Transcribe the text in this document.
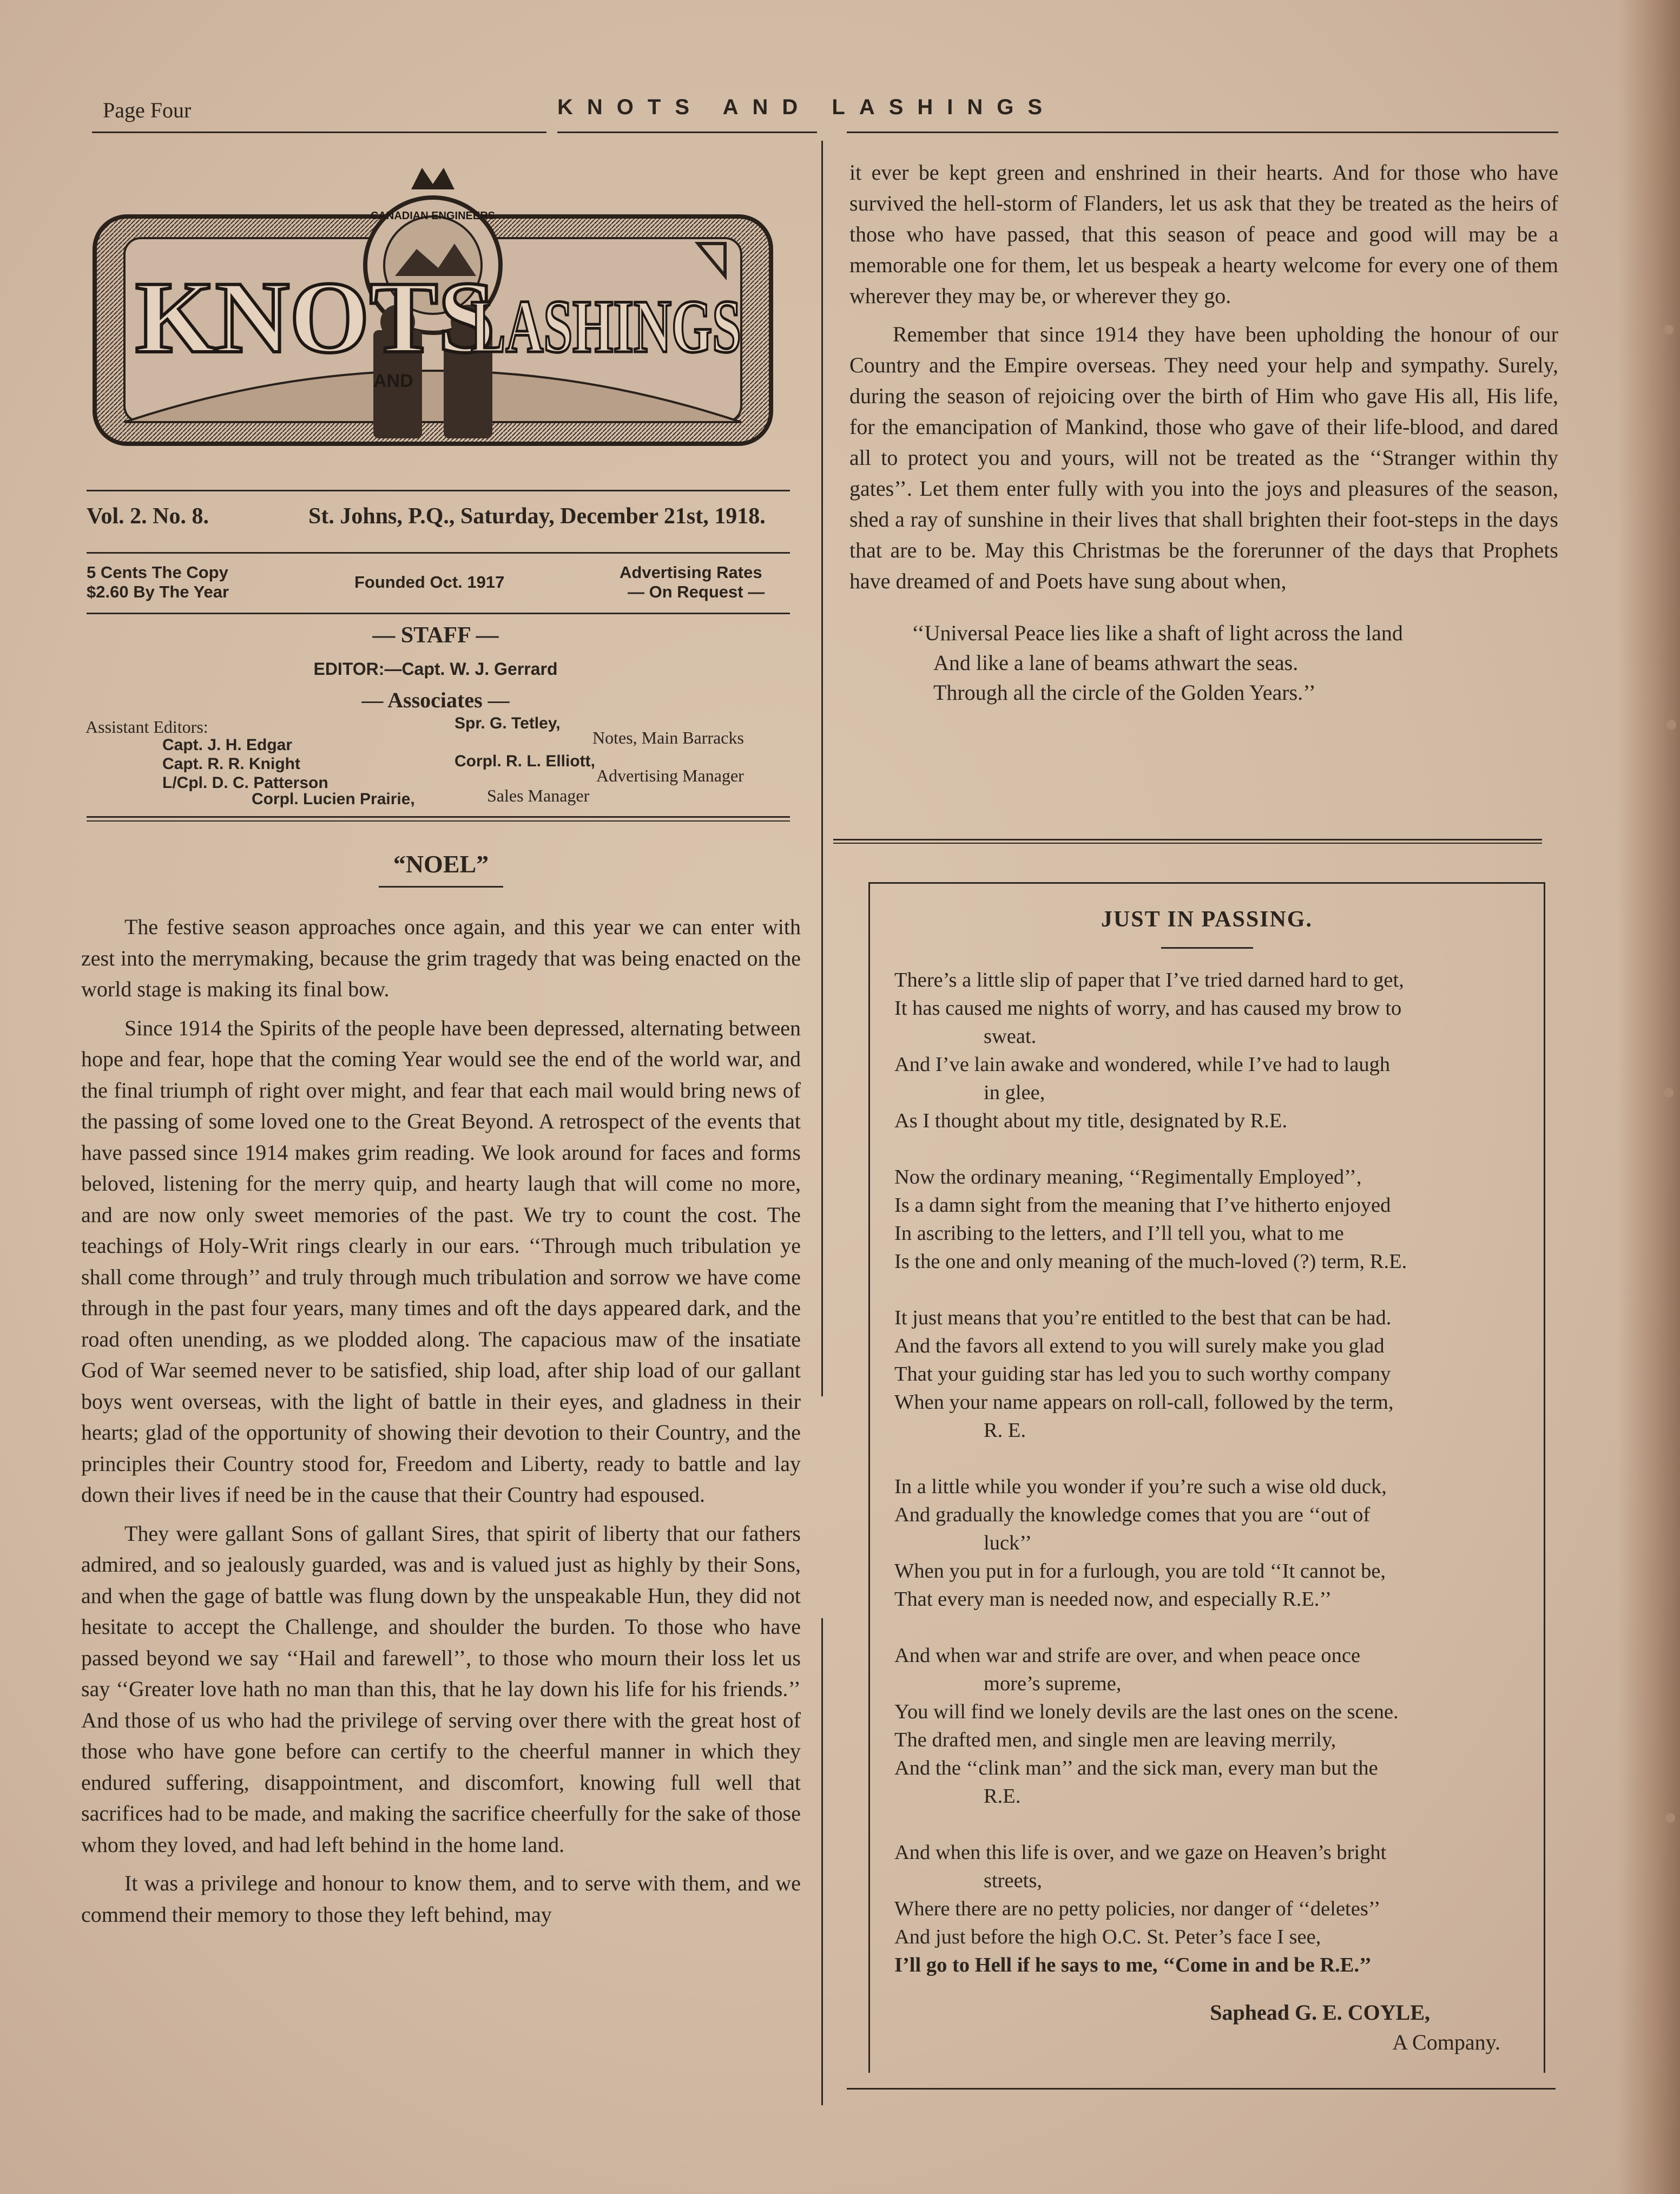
Page Four	KNOTS AND LASHINGS
KNOTS
AND
LASHINGS
CANADIAN ENGINEERS
Vol. 2. No. 8.	St. Johns, P.Q., Saturday, December 21st, 1918.
5 Cents The Copy
$2.60 By The Year
Founded Oct. 1917
Advertising Rates
— On Request —
— STAFF —
EDITOR:—Capt. W. J. Gerrard
— Associates —
Assistant Editors:
Capt. J. H. Edgar
Capt. R. R. Knight
L/Cpl. D. C. Patterson
Spr. G. Tetley,
Notes, Main Barracks
Corpl. R. L. Elliott,
Advertising Manager
Corpl. Lucien Prairie,	Sales Manager
“NOEL”

The festive season approaches once again, and this year we can enter with zest into the merrymaking, because the grim tragedy that was being enacted on the world stage is making its final bow.

Since 1914 the Spirits of the people have been depressed, alternating between hope and fear, hope that the coming Year would see the end of the world war, and the final triumph of right over might, and fear that each mail would bring news of the passing of some loved one to the Great Beyond. A retrospect of the events that have passed since 1914 makes grim reading. We look around for faces and forms beloved, listening for the merry quip, and hearty laugh that will come no more, and are now only sweet memories of the past. We try to count the cost. The teachings of Holy-Writ rings clearly in our ears. ‘‘Through much tribulation ye shall come through’’ and truly through much tribulation and sorrow we have come through in the past four years, many times and oft the days appeared dark, and the road often unending, as we plodded along. The capacious maw of the insatiate God of War seemed never to be satisfied, ship load, after ship load of our gallant boys went overseas, with the light of battle in their eyes, and gladness in their hearts; glad of the opportunity of showing their devotion to their Country, and the principles their Country stood for, Freedom and Liberty, ready to battle and lay down their lives if need be in the cause that their Country had espoused.

They were gallant Sons of gallant Sires, that spirit of liberty that our fathers admired, and so jealously guarded, was and is valued just as highly by their Sons, and when the gage of battle was flung down by the unspeakable Hun, they did not hesitate to accept the Challenge, and shoulder the burden. To those who have passed beyond we say ‘‘Hail and farewell’’, to those who mourn their loss let us say ‘‘Greater love hath no man than this, that he lay down his life for his friends.’’ And those of us who had the privilege of serving over there with the great host of those who have gone before can certify to the cheerful manner in which they endured suffering, disappointment, and discomfort, knowing full well that sacrifices had to be made, and making the sacrifice cheerfully for the sake of those whom they loved, and had left behind in the home land.

It was a privilege and honour to know them, and to serve with them, and we commend their memory to those they left behind, may

it ever be kept green and enshrined in their hearts. And for those who have survived the hell-storm of Flanders, let us ask that they be treated as the heirs of those who have passed, that this season of peace and good will may be a memorable one for them, let us bespeak a hearty welcome for every one of them wherever they may be, or wherever they go.

Remember that since 1914 they have been upholding the honour of our Country and the Empire overseas. They need your help and sympathy. Surely, during the season of rejoicing over the birth of Him who gave His all, His life, for the emancipation of Mankind, those who gave of their life-blood, and dared all to protect you and yours, will not be treated as the ‘‘Stranger within thy gates’’. Let them enter fully with you into the joys and pleasures of the season, shed a ray of sunshine in their lives that shall brighten their foot-steps in the days that are to be. May this Christmas be the forerunner of the days that Prophets have dreamed of and Poets have sung about when,

‘‘Universal Peace lies like a shaft of light across the land
And like a lane of beams athwart the seas.
Through all the circle of the Golden Years.’’
JUST IN PASSING.
There’s a little slip of paper that I’ve tried darned hard to get,
It has caused me nights of worry, and has caused my brow to
sweat.
And I’ve lain awake and wondered, while I’ve had to laugh
in glee,
As I thought about my title, designated by R.E.
Now the ordinary meaning, ‘‘Regimentally Employed’’,
Is a damn sight from the meaning that I’ve hitherto enjoyed
In ascribing to the letters, and I’ll tell you, what to me
Is the one and only meaning of the much-loved (?) term, R.E.
It just means that you’re entitled to the best that can be had.
And the favors all extend to you will surely make you glad
That your guiding star has led you to such worthy company
When your name appears on roll-call, followed by the term,
R. E.
In a little while you wonder if you’re such a wise old duck,
And gradually the knowledge comes that you are ‘‘out of
luck’’
When you put in for a furlough, you are told ‘‘It cannot be,
That every man is needed now, and especially R.E.’’
And when war and strife are over, and when peace once
more’s supreme,
You will find we lonely devils are the last ones on the scene.
The drafted men, and single men are leaving merrily,
And the ‘‘clink man’’ and the sick man, every man but the
R.E.
And when this life is over, and we gaze on Heaven’s bright
streets,
Where there are no petty policies, nor danger of ‘‘deletes’’
And just before the high O.C. St. Peter’s face I see,
I’ll go to Hell if he says to me, ‘‘Come in and be R.E.’’
Saphead G. E. COYLE,
A Company.
